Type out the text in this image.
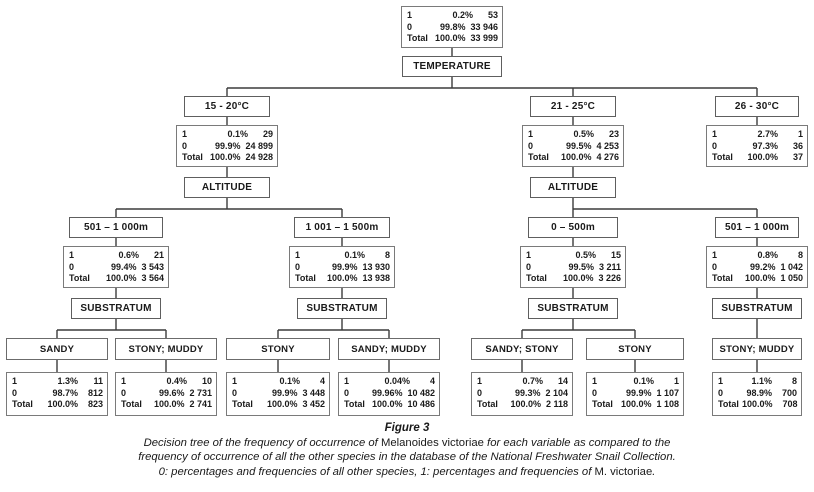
1	0.2%	53
0	99.8% 33 946
Total 100.0% 33 999
TEMPERATURE
15 - 20°C	21 - 25°C	26 - 30°C
1	0.1%	29
0	99.9% 24 899
Total 100.0% 24 928
1	0.5%	23
0	99.5% 4 253
Total	100.0% 4 276
1	2.7%	1
0	97.3%	36
Total	100.0%	37
ALTITUDE	ALTITUDE
501 – 1 000m	1 001 – 1 500m	0 – 500m	501 – 1 000m
1	0.6%	21
0	99.4% 3 543
Total	100.0% 3 564
1	0.1%	8
0	99.9% 13 930
Total	100.0% 13 938
1	0.5%	15
0	99.5% 3 211
Total	100.0% 3 226
1	0.8%	8
0	99.2% 1 042
Total	100.0% 1 050
SUBSTRATUM	SUBSTRATUM	SUBSTRATUM	SUBSTRATUM
SANDY	STONY; MUDDY	STONY	SANDY; MUDDY	SANDY; STONY	STONY	STONY; MUDDY
1	1.3%	11
0	98.7%	812
Total	100.0%	823
1	0.4%	10
0	99.6% 2 731
Total	100.0% 2 741
1	0.1%	4
0	99.9% 3 448
Total	100.0% 3 452
1	0.04%	4
0	99.96% 10 482
Total 100.0% 10 486
1	0.7%	14
0	99.3% 2 104
Total	100.0% 2 118
1	0.1%	1
0	99.9% 1 107
Total 100.0% 1 108
1	1.1%	8
0	98.9%	700
Total 100.0%	708
Figure 3
Decision tree of the frequency of occurrence of Melanoides victoriae for each variable as compared to the
frequency of occurrence of all the other species in the database of the National Freshwater Snail Collection.
0: percentages and frequencies of all other species, 1: percentages and frequencies of M. victoriae.
